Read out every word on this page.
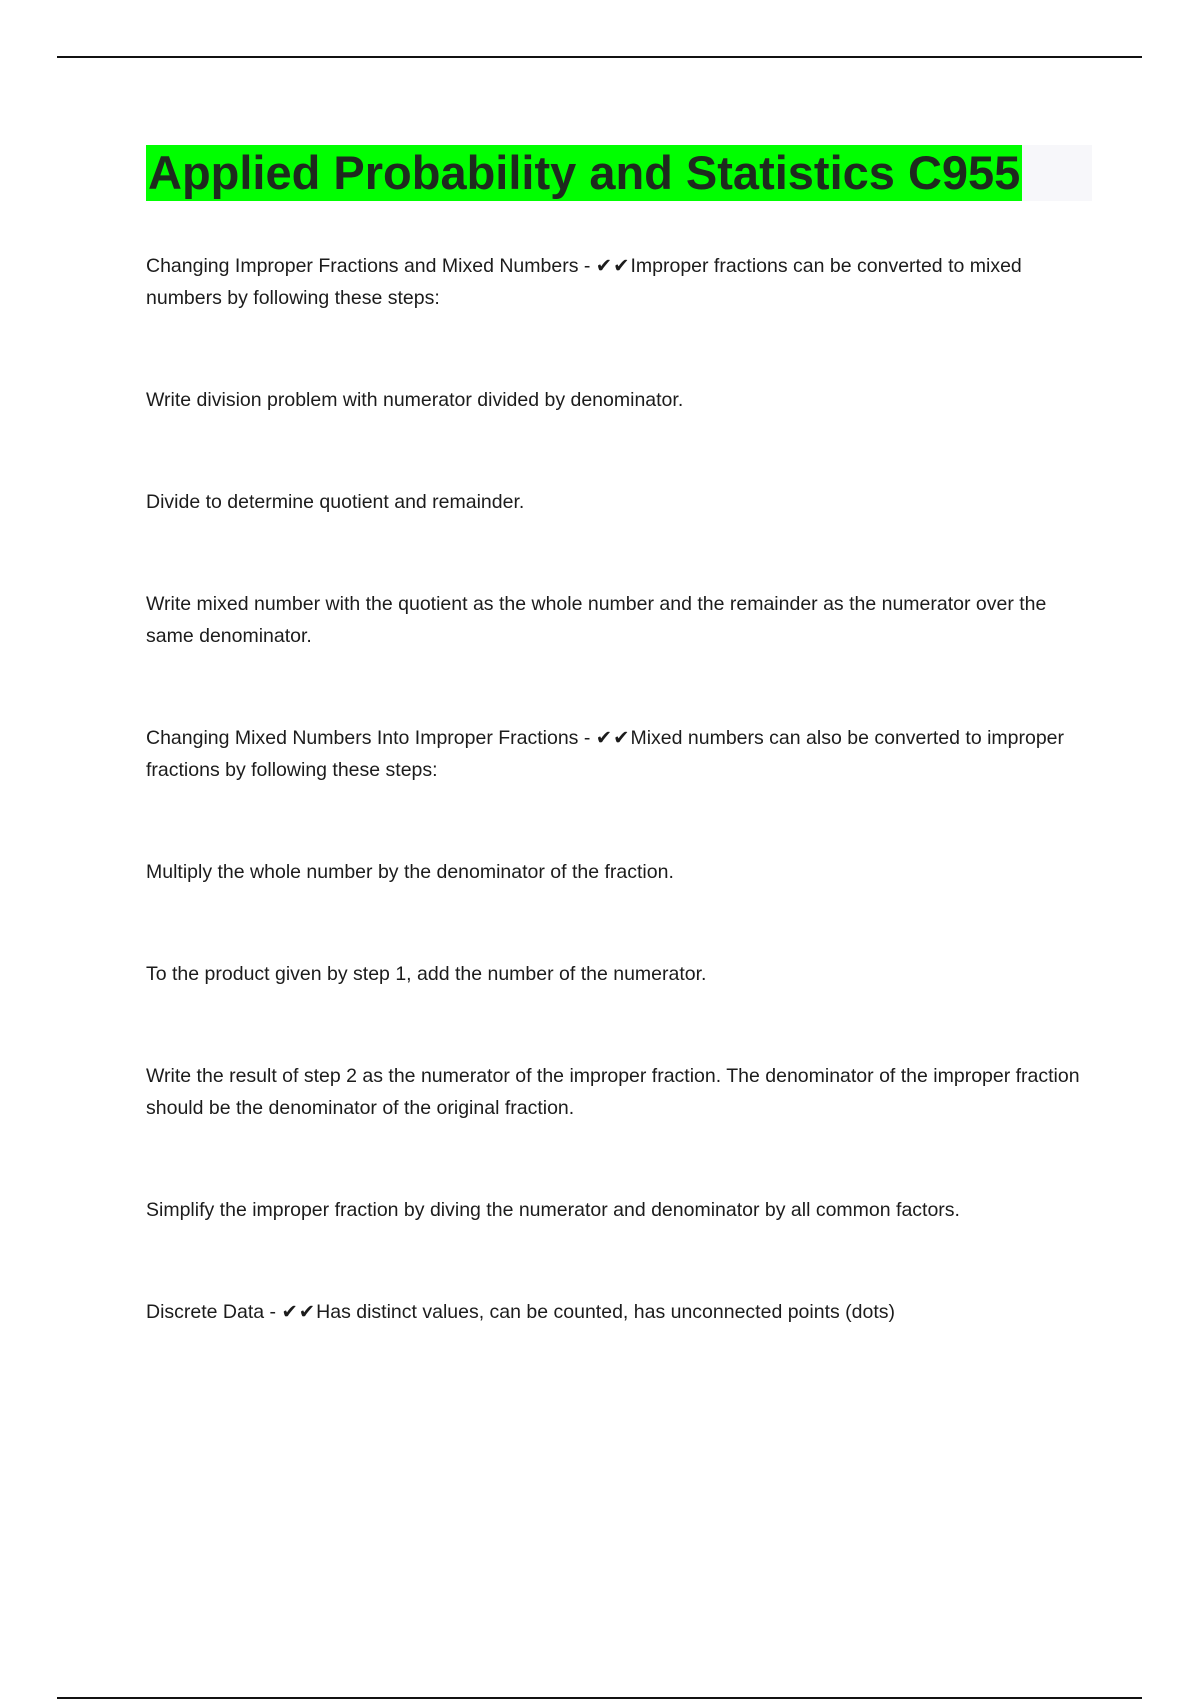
Applied Probability and Statistics C955

Changing Improper Fractions and Mixed Numbers - ✔✔Improper fractions can be converted to mixed numbers by following these steps:

Write division problem with numerator divided by denominator.

Divide to determine quotient and remainder.

Write mixed number with the quotient as the whole number and the remainder as the numerator over the same denominator.

Changing Mixed Numbers Into Improper Fractions - ✔✔Mixed numbers can also be converted to improper fractions by following these steps:

Multiply the whole number by the denominator of the fraction.

To the product given by step 1, add the number of the numerator.

Write the result of step 2 as the numerator of the improper fraction. The denominator of the improper fraction should be the denominator of the original fraction.

Simplify the improper fraction by diving the numerator and denominator by all common factors.

Discrete Data - ✔✔Has distinct values, can be counted, has unconnected points (dots)
